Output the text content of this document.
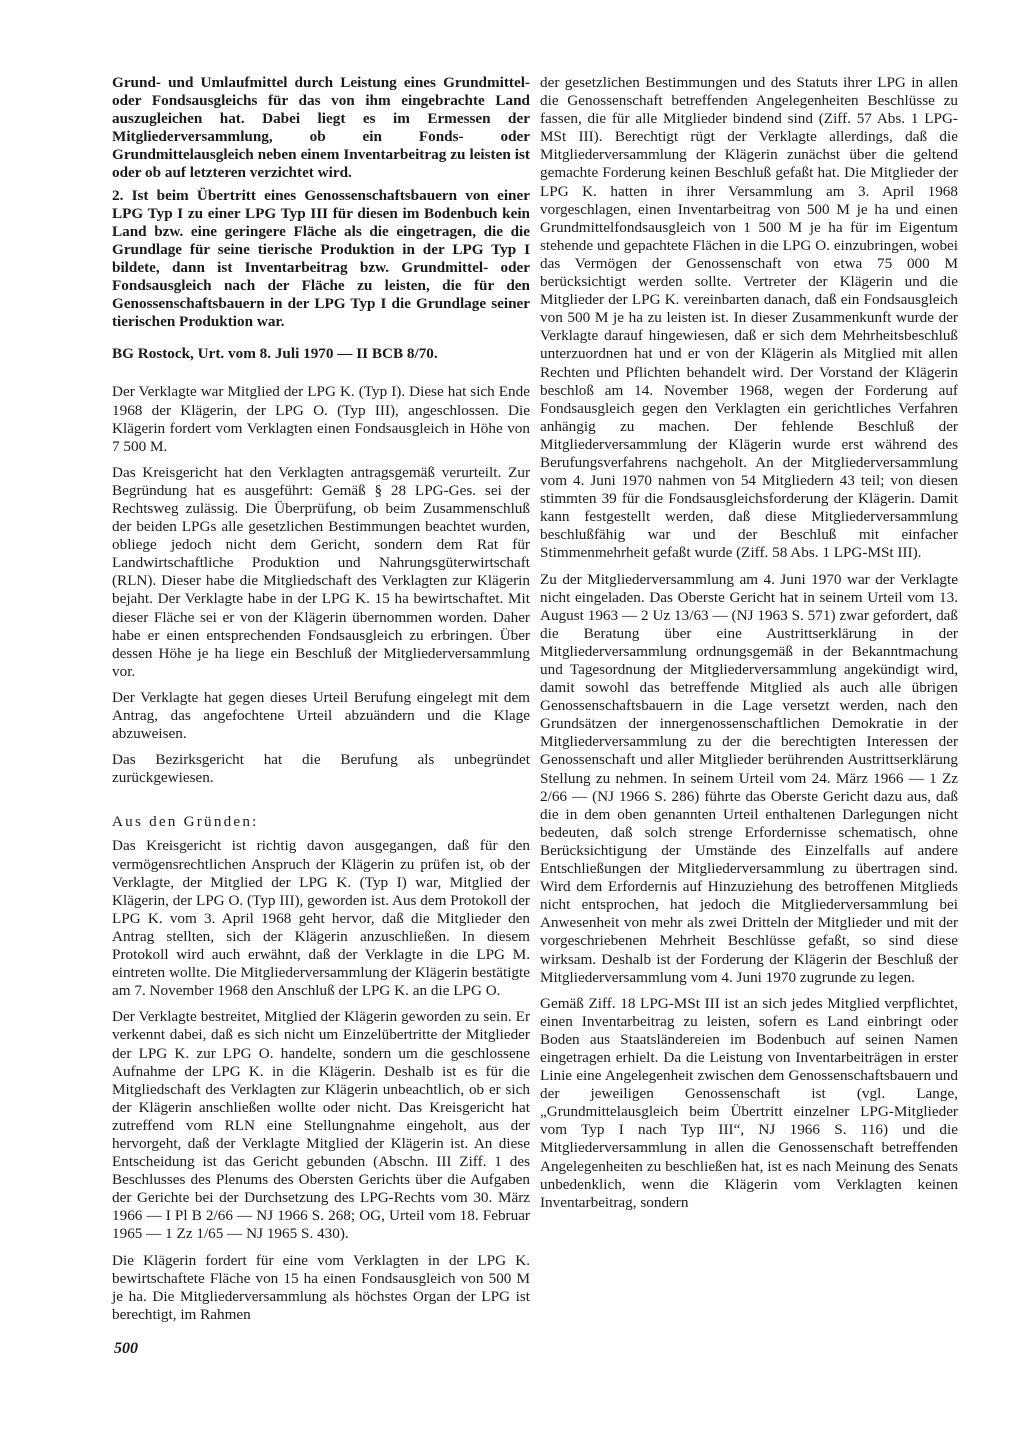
Grund- und Umlaufmittel durch Leistung eines Grundmittel- oder Fondsausgleichs für das von ihm eingebrachte Land auszugleichen hat. Dabei liegt es im Ermessen der Mitgliederversammlung, ob ein Fonds- oder Grundmittelausgleich neben einem Inventarbeitrag zu leisten ist oder ob auf letzteren verzichtet wird.

2. Ist beim Übertritt eines Genossenschaftsbauern von einer LPG Typ I zu einer LPG Typ III für diesen im Bodenbuch kein Land bzw. eine geringere Fläche als die eingetragen, die die Grundlage für seine tierische Produktion in der LPG Typ I bildete, dann ist Inventarbeitrag bzw. Grundmittel- oder Fondsausgleich nach der Fläche zu leisten, die für den Genossenschaftsbauern in der LPG Typ I die Grundlage seiner tierischen Produktion war.

BG Rostock, Urt. vom 8. Juli 1970 — II BCB 8/70.

Der Verklagte war Mitglied der LPG K. (Typ I). Diese hat sich Ende 1968 der Klägerin, der LPG O. (Typ III), angeschlossen. Die Klägerin fordert vom Verklagten einen Fondsausgleich in Höhe von 7 500 M.

Das Kreisgericht hat den Verklagten antragsgemäß verurteilt. Zur Begründung hat es ausgeführt: Gemäß § 28 LPG-Ges. sei der Rechtsweg zulässig. Die Überprüfung, ob beim Zusammenschluß der beiden LPGs alle gesetzlichen Bestimmungen beachtet wurden, obliege jedoch nicht dem Gericht, sondern dem Rat für Landwirtschaftliche Produktion und Nahrungsgüterwirtschaft (RLN). Dieser habe die Mitgliedschaft des Verklagten zur Klägerin bejaht. Der Verklagte habe in der LPG K. 15 ha bewirtschaftet. Mit dieser Fläche sei er von der Klägerin übernommen worden. Daher habe er einen entsprechenden Fondsausgleich zu erbringen. Über dessen Höhe je ha liege ein Beschluß der Mitgliederversammlung vor.

Der Verklagte hat gegen dieses Urteil Berufung eingelegt mit dem Antrag, das angefochtene Urteil abzuändern und die Klage abzuweisen.

Das Bezirksgericht hat die Berufung als unbegründet zurückgewiesen.

Aus den Gründen:

Das Kreisgericht ist richtig davon ausgegangen, daß für den vermögensrechtlichen Anspruch der Klägerin zu prüfen ist, ob der Verklagte, der Mitglied der LPG K. (Typ I) war, Mitglied der Klägerin, der LPG O. (Typ III), geworden ist. Aus dem Protokoll der LPG K. vom 3. April 1968 geht hervor, daß die Mitglieder den Antrag stellten, sich der Klägerin anzuschließen. In diesem Protokoll wird auch erwähnt, daß der Verklagte in die LPG M. eintreten wollte. Die Mitgliederversammlung der Klägerin bestätigte am 7. November 1968 den Anschluß der LPG K. an die LPG O.

Der Verklagte bestreitet, Mitglied der Klägerin geworden zu sein. Er verkennt dabei, daß es sich nicht um Einzelübertritte der Mitglieder der LPG K. zur LPG O. handelte, sondern um die geschlossene Aufnahme der LPG K. in die Klägerin. Deshalb ist es für die Mitgliedschaft des Verklagten zur Klägerin unbeachtlich, ob er sich der Klägerin anschließen wollte oder nicht. Das Kreisgericht hat zutreffend vom RLN eine Stellungnahme eingeholt, aus der hervorgeht, daß der Verklagte Mitglied der Klägerin ist. An diese Entscheidung ist das Gericht gebunden (Abschn. III Ziff. 1 des Beschlusses des Plenums des Obersten Gerichts über die Aufgaben der Gerichte bei der Durchsetzung des LPG-Rechts vom 30. März 1966 — I Pl B 2/66 — NJ 1966 S. 268; OG, Urteil vom 18. Februar 1965 — 1 Zz 1/65 — NJ 1965 S. 430).

Die Klägerin fordert für eine vom Verklagten in der LPG K. bewirtschaftete Fläche von 15 ha einen Fondsausgleich von 500 M je ha. Die Mitgliederversammlung als höchstes Organ der LPG ist berechtigt, im Rahmen

der gesetzlichen Bestimmungen und des Statuts ihrer LPG in allen die Genossenschaft betreffenden Angelegenheiten Beschlüsse zu fassen, die für alle Mitglieder bindend sind (Ziff. 57 Abs. 1 LPG-MSt III). Berechtigt rügt der Verklagte allerdings, daß die Mitgliederversammlung der Klägerin zunächst über die geltend gemachte Forderung keinen Beschluß gefaßt hat. Die Mitglieder der LPG K. hatten in ihrer Versammlung am 3. April 1968 vorgeschlagen, einen Inventarbeitrag von 500 M je ha und einen Grundmittelfondsausgleich von 1 500 M je ha für im Eigentum stehende und gepachtete Flächen in die LPG O. einzubringen, wobei das Vermögen der Genossenschaft von etwa 75 000 M berücksichtigt werden sollte. Vertreter der Klägerin und die Mitglieder der LPG K. vereinbarten danach, daß ein Fondsausgleich von 500 M je ha zu leisten ist. In dieser Zusammenkunft wurde der Verklagte darauf hingewiesen, daß er sich dem Mehrheitsbeschluß unterzuordnen hat und er von der Klägerin als Mitglied mit allen Rechten und Pflichten behandelt wird. Der Vorstand der Klägerin beschloß am 14. November 1968, wegen der Forderung auf Fondsausgleich gegen den Verklagten ein gerichtliches Verfahren anhängig zu machen. Der fehlende Beschluß der Mitgliederversammlung der Klägerin wurde erst während des Berufungsverfahrens nachgeholt. An der Mitgliederversammlung vom 4. Juni 1970 nahmen von 54 Mitgliedern 43 teil; von diesen stimmten 39 für die Fondsausgleichsforderung der Klägerin. Damit kann festgestellt werden, daß diese Mitgliederversammlung beschlußfähig war und der Beschluß mit einfacher Stimmenmehrheit gefaßt wurde (Ziff. 58 Abs. 1 LPG-MSt III).

Zu der Mitgliederversammlung am 4. Juni 1970 war der Verklagte nicht eingeladen. Das Oberste Gericht hat in seinem Urteil vom 13. August 1963 — 2 Uz 13/63 — (NJ 1963 S. 571) zwar gefordert, daß die Beratung über eine Austrittserklärung in der Mitgliederversammlung ordnungsgemäß in der Bekanntmachung und Tagesordnung der Mitgliederversammlung angekündigt wird, damit sowohl das betreffende Mitglied als auch alle übrigen Genossenschaftsbauern in die Lage versetzt werden, nach den Grundsätzen der innergenossenschaftlichen Demokratie in der Mitgliederversammlung zu der die berechtigten Interessen der Genossenschaft und aller Mitglieder berührenden Austrittserklärung Stellung zu nehmen. In seinem Urteil vom 24. März 1966 — 1 Zz 2/66 — (NJ 1966 S. 286) führte das Oberste Gericht dazu aus, daß die in dem oben genannten Urteil enthaltenen Darlegungen nicht bedeuten, daß solch strenge Erfordernisse schematisch, ohne Berücksichtigung der Umstände des Einzelfalls auf andere Entschließungen der Mitgliederversammlung zu übertragen sind. Wird dem Erfordernis auf Hinzuziehung des betroffenen Mitglieds nicht entsprochen, hat jedoch die Mitgliederversammlung bei Anwesenheit von mehr als zwei Dritteln der Mitglieder und mit der vorgeschriebenen Mehrheit Beschlüsse gefaßt, so sind diese wirksam. Deshalb ist der Forderung der Klägerin der Beschluß der Mitgliederversammlung vom 4. Juni 1970 zugrunde zu legen.

Gemäß Ziff. 18 LPG-MSt III ist an sich jedes Mitglied verpflichtet, einen Inventarbeitrag zu leisten, sofern es Land einbringt oder Boden aus Staatsländereien im Bodenbuch auf seinen Namen eingetragen erhielt. Da die Leistung von Inventarbeiträgen in erster Linie eine Angelegenheit zwischen dem Genossenschaftsbauern und der jeweiligen Genossenschaft ist (vgl. Lange, „Grundmittelausgleich beim Übertritt einzelner LPG-Mitglieder vom Typ I nach Typ III“, NJ 1966 S. 116) und die Mitgliederversammlung in allen die Genossenschaft betreffenden Angelegenheiten zu beschließen hat, ist es nach Meinung des Senats unbedenklich, wenn die Klägerin vom Verklagten keinen Inventarbeitrag, sondern

500
